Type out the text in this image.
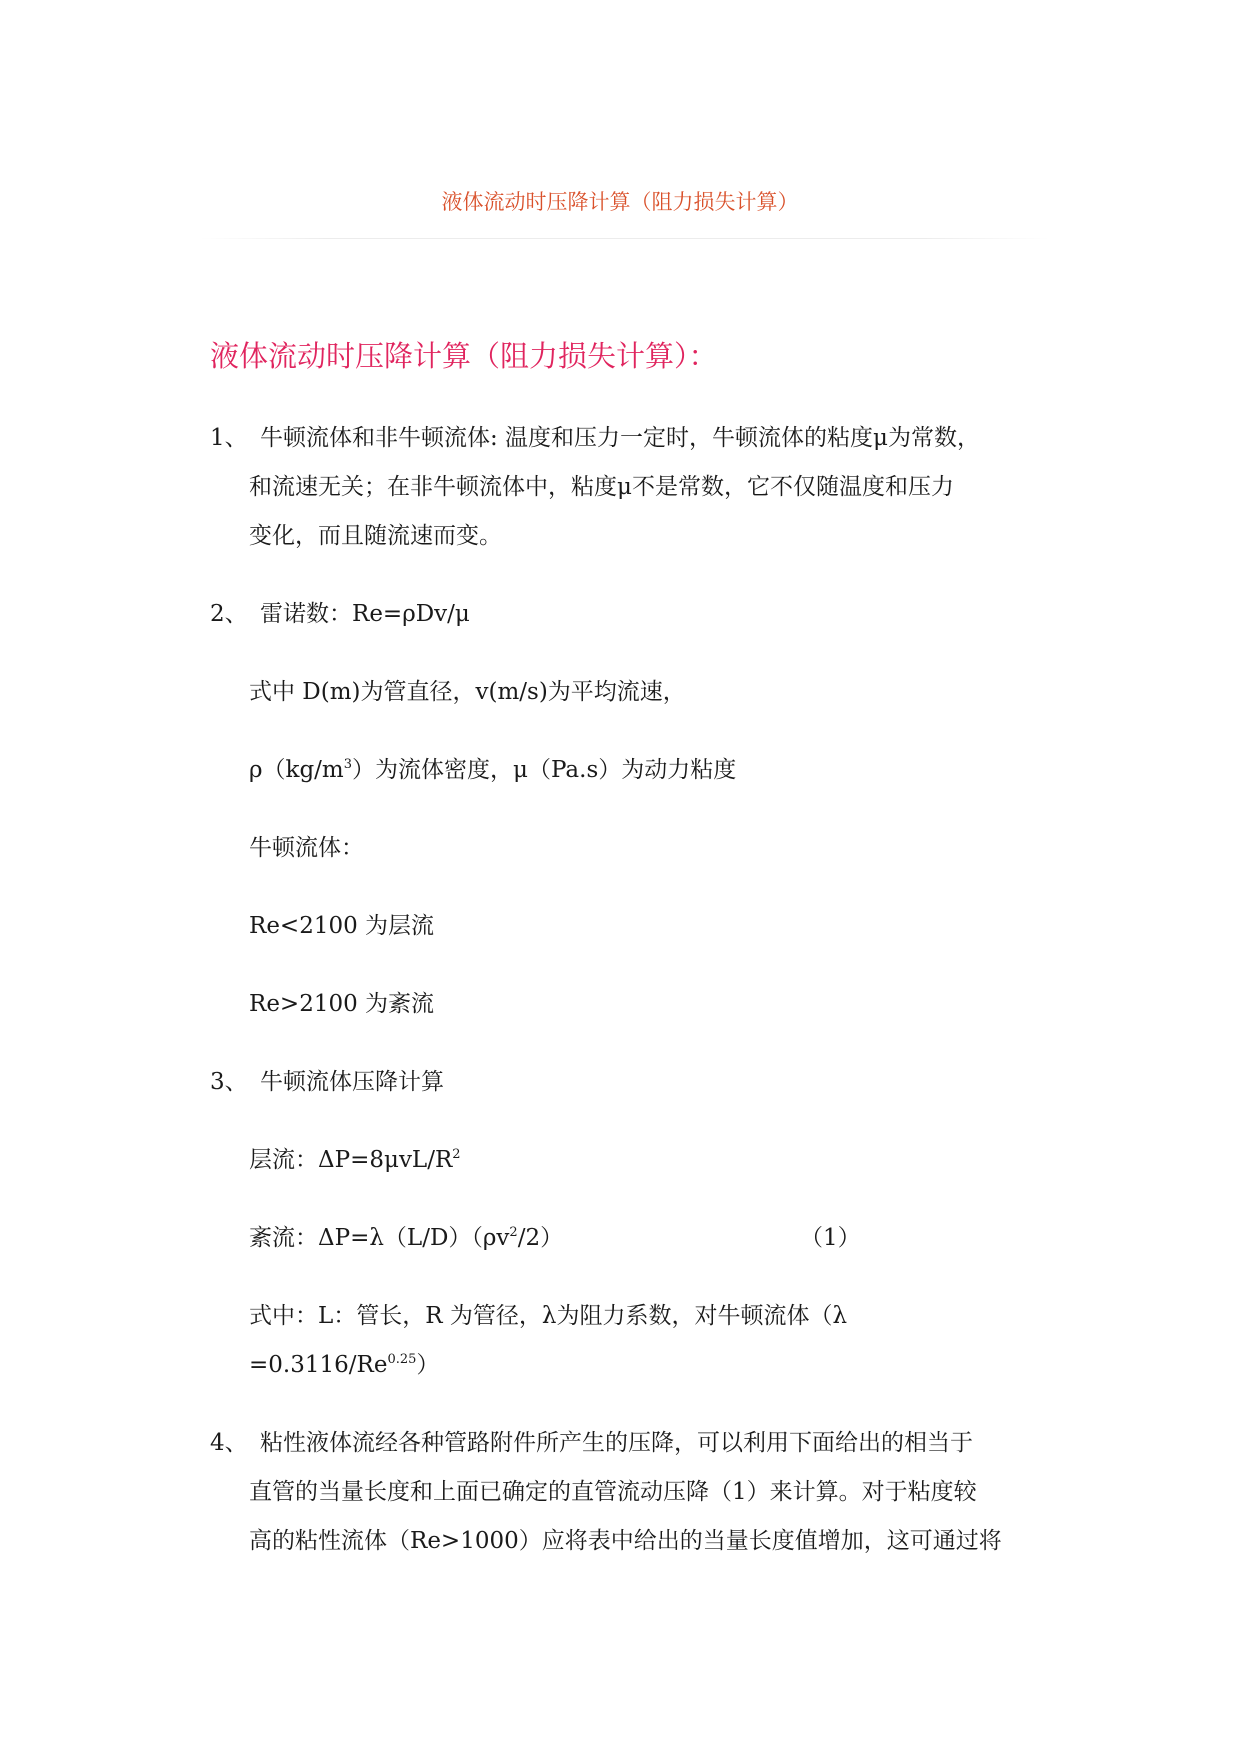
液体流动时压降计算（阻力损失计算）
液体流动时压降计算（阻力损失计算）：
1、 牛顿流体和非牛顿流体: 温度和压力一定时，牛顿流体的粘度μ为常数，
和流速无关；在非牛顿流体中，粘度μ不是常数，它不仅随温度和压力
变化，而且随流速而变。
2、 雷诺数：Re=ρDv/μ
式中 D(m)为管直径，v(m/s)为平均流速，
$\rho(kg/m^3)$为流体密度，μ（Pa.s）为动力粘度
牛顿流体：
Re<2100 为层流
Re>2100 为紊流
3、 牛顿流体压降计算
层流：$\Delta P=8\mu vL/R^2$
紊流：$\Delta P=\lambda(L/D)(\rho v^2/2)$	（1）
式中：L：管长，R 为管径，λ为阻力系数，对牛顿流体（λ
$=0.3116/Re^{0.25}$）
4、 粘性液体流经各种管路附件所产生的压降，可以利用下面给出的相当于
直管的当量长度和上面已确定的直管流动压降（1）来计算。对于粘度较
高的粘性流体（Re>1000）应将表中给出的当量长度值增加，这可通过将
